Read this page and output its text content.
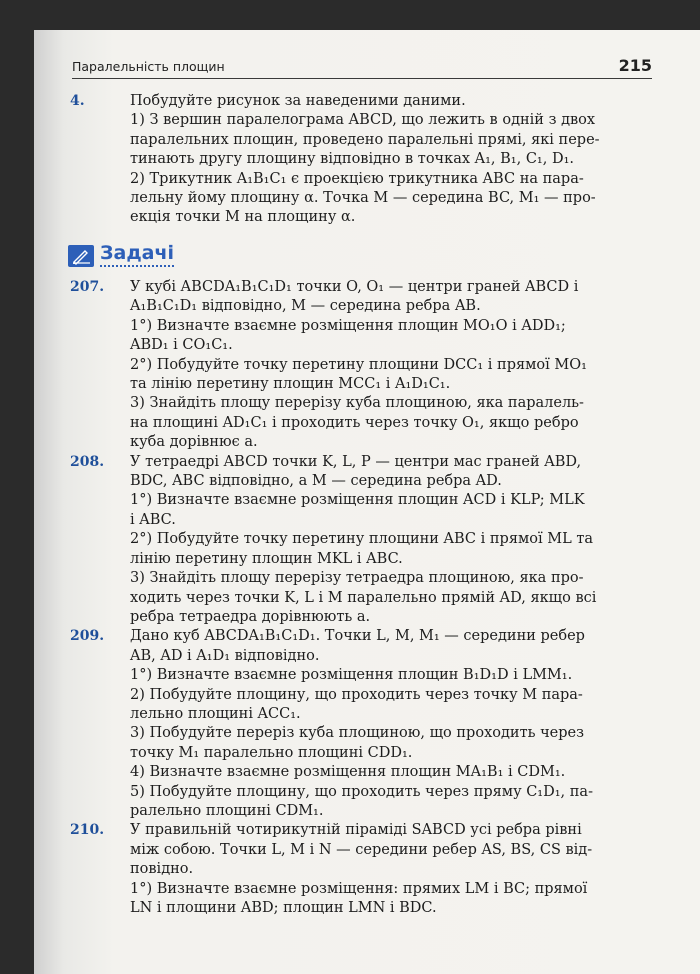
Паралельність площин	215
4.	Побудуйте рисунок за наведеними даними.
1) З вершин паралелограма ABCD, що лежить в одній з двох
паралельних площин, проведено паралельні прямі, які пере-
тинають другу площину відповідно в точках A₁, B₁, C₁, D₁.
2) Трикутник A₁B₁C₁ є проекцією трикутника ABC на пара-
лельну йому площину α. Точка M — середина BC, M₁ — про-
екція точки M на площину α.
Задачі
207. У кубі ABCDA₁B₁C₁D₁ точки O, O₁ — центри граней ABCD і
A₁B₁C₁D₁ відповідно, M — середина ребра AB.
1°) Визначте взаємне розміщення площин MO₁O і ADD₁;
ABD₁ і CO₁C₁.
2°) Побудуйте точку перетину площини DCC₁ і прямої MO₁
та лінію перетину площин MCC₁ і A₁D₁C₁.
3) Знайдіть площу перерізу куба площиною, яка паралель-
на площині AD₁C₁ і проходить через точку O₁, якщо ребро
куба дорівнює a.
208. У тетраедрі ABCD точки K, L, P — центри мас граней ABD,
BDC, ABC відповідно, а M — середина ребра AD.
1°) Визначте взаємне розміщення площин ACD і KLP; MLK
і ABC.
2°) Побудуйте точку перетину площини ABC і прямої ML та
лінію перетину площин MKL і ABC.
3) Знайдіть площу перерізу тетраедра площиною, яка про-
ходить через точки K, L і M паралельно прямій AD, якщо всі
ребра тетраедра дорівнюють a.
209. Дано куб ABCDA₁B₁C₁D₁. Точки L, M, M₁ — середини ребер
AB, AD і A₁D₁ відповідно.
1°) Визначте взаємне розміщення площин B₁D₁D і LMM₁.
2) Побудуйте площину, що проходить через точку M пара-
лельно площині ACC₁.
3) Побудуйте переріз куба площиною, що проходить через
точку M₁ паралельно площині CDD₁.
4) Визначте взаємне розміщення площин MA₁B₁ і CDM₁.
5) Побудуйте площину, що проходить через пряму C₁D₁, па-
ралельно площині CDM₁.
210. У правильній чотирикутній піраміді SABCD усі ребра рівні
між собою. Точки L, M і N — середини ребер AS, BS, CS від-
повідно.
1°) Визначте взаємне розміщення: прямих LM і BC; прямої
LN і площини ABD; площин LMN і BDC.
